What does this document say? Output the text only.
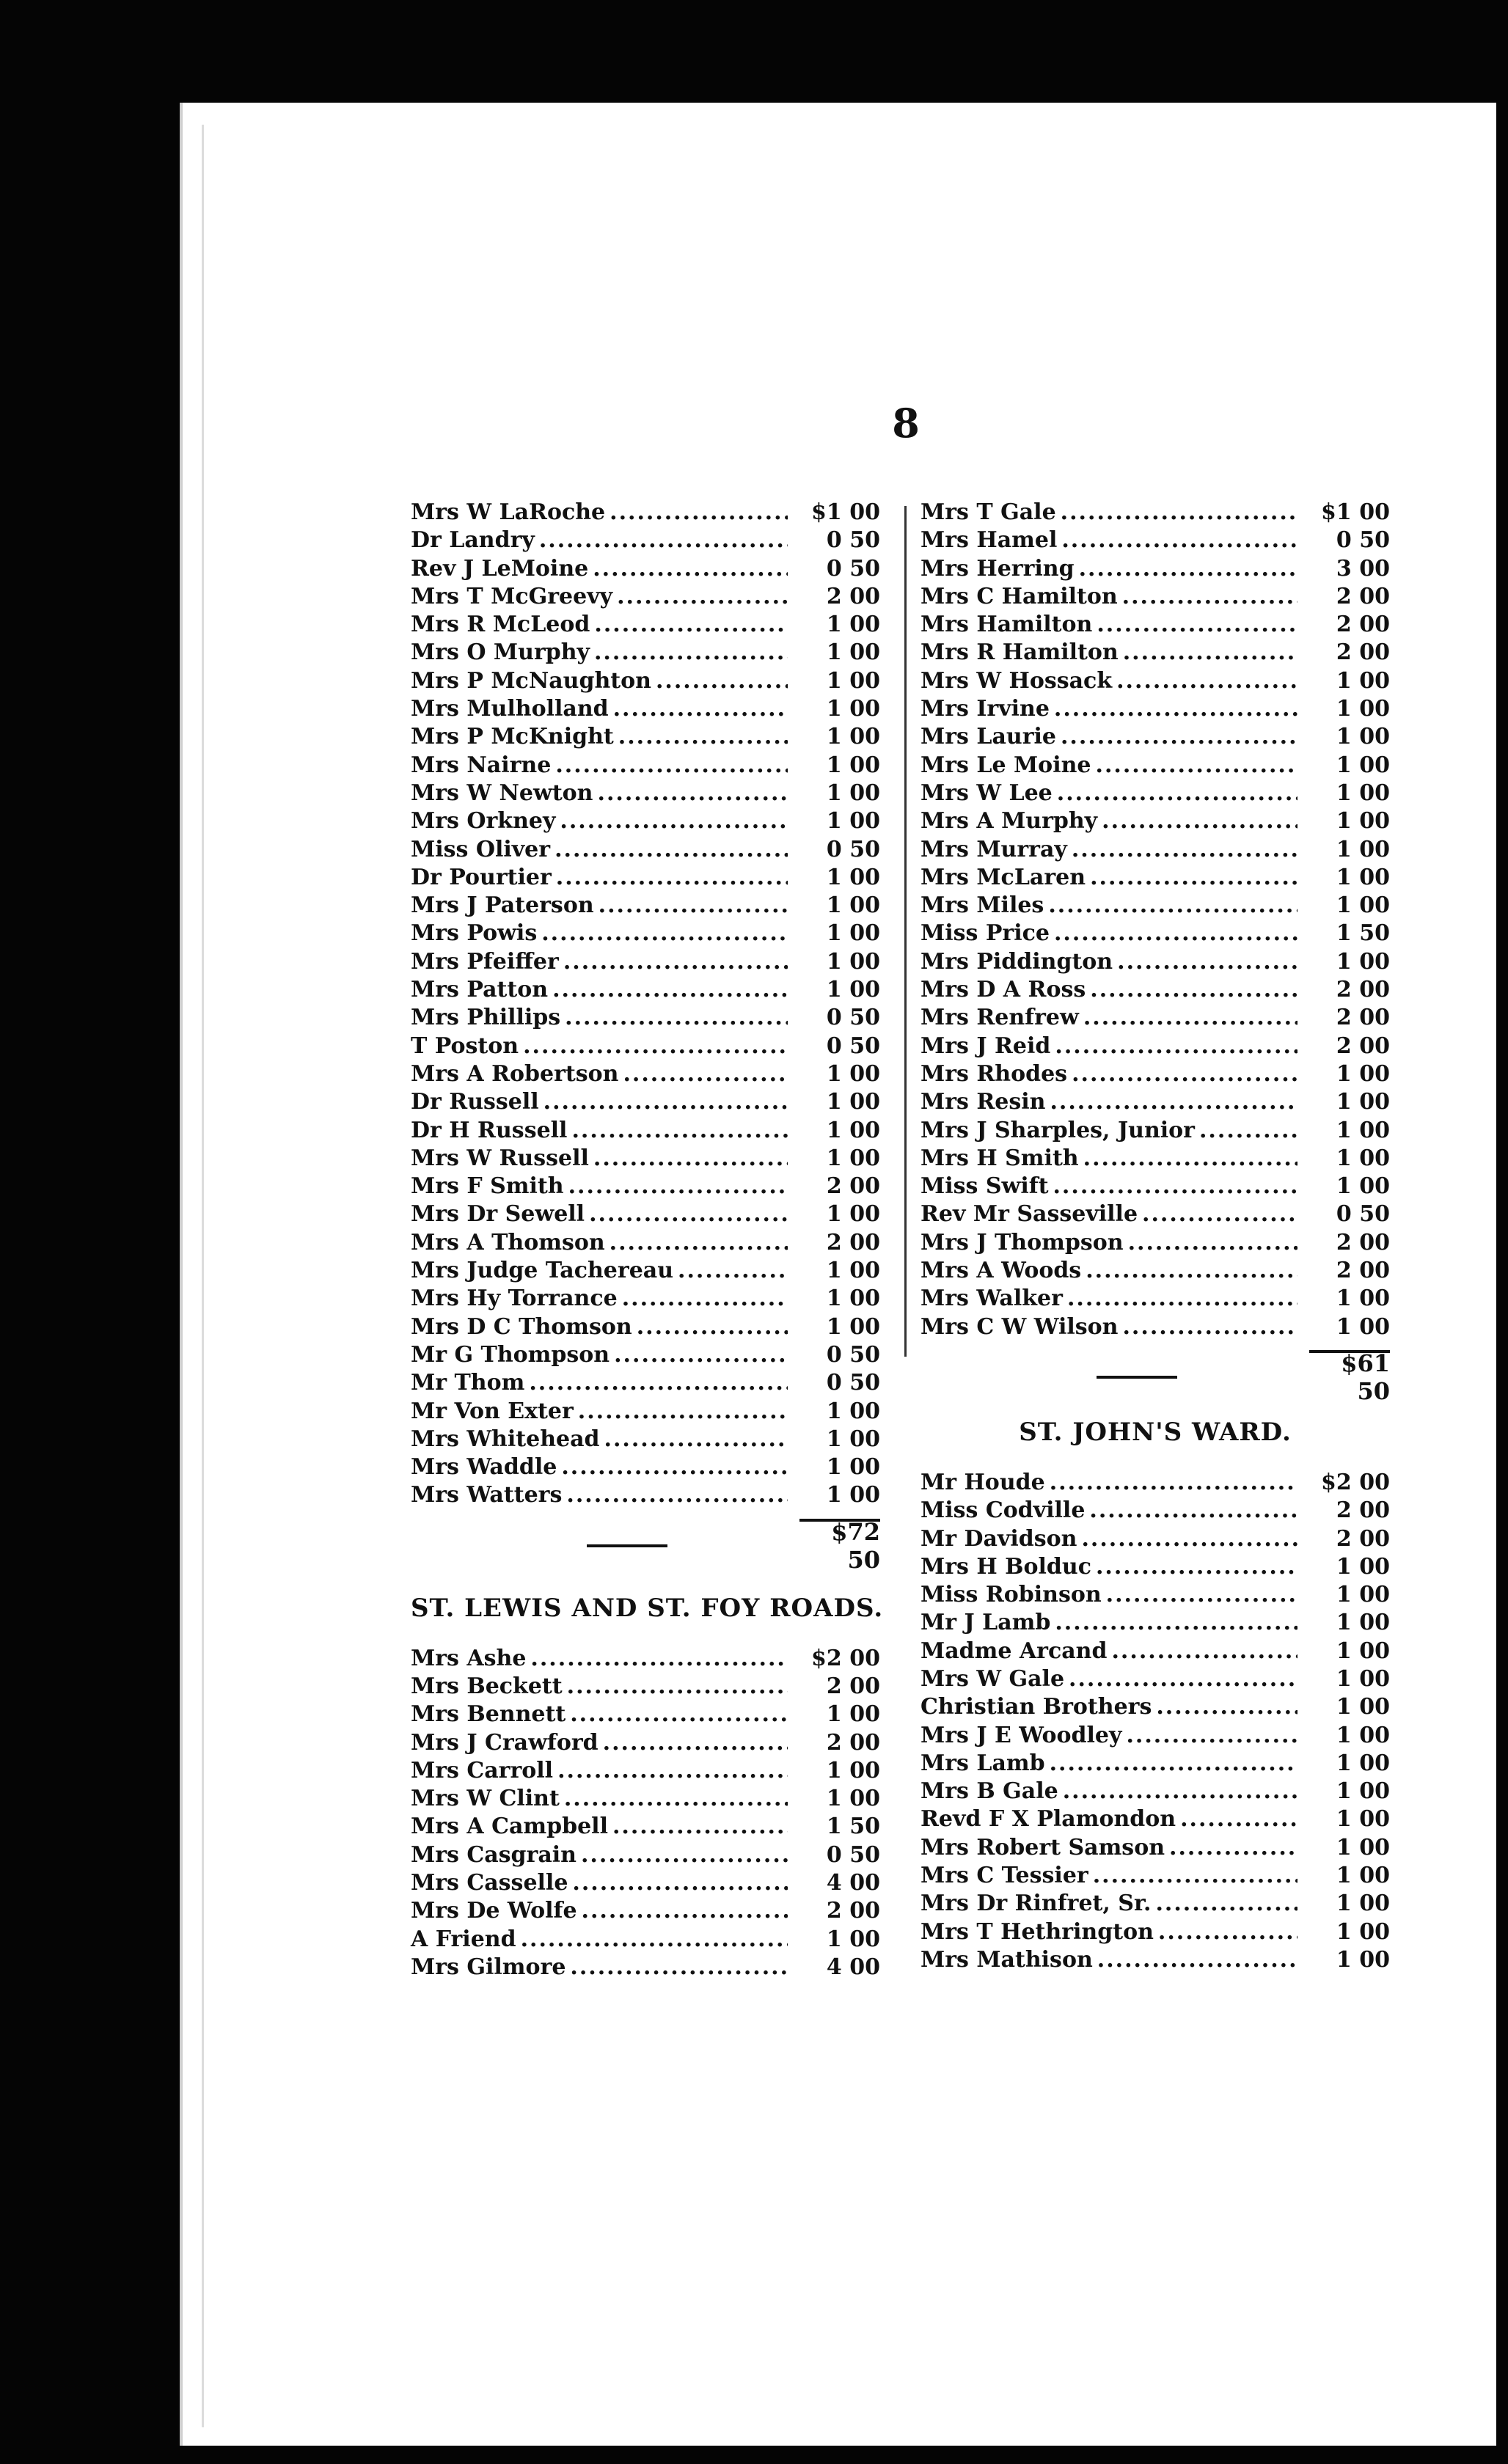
8
Mrs W LaRoche .....	$1 00
Dr Landry .....	0 50
Rev J LeMoine .....	0 50
Mrs T McGreevy .....	2 00
Mrs R McLeod .....	1 00
Mrs O Murphy .....	1 00
Mrs P McNaughton .....	1 00
Mrs Mulholland .....	1 00
Mrs P McKnight .....	1 00
Mrs Nairne .....	1 00
Mrs W Newton .....	1 00
Mrs Orkney .....	1 00
Miss Oliver .....	0 50
Dr Pourtier .....	1 00
Mrs J Paterson .....	1 00
Mrs Powis .....	1 00
Mrs Pfeiffer .....	1 00
Mrs Patton .....	1 00
Mrs Phillips .....	0 50
T Poston .....	0 50
Mrs A Robertson .....	1 00
Dr Russell .....	1 00
Dr H Russell .....	1 00
Mrs W Russell .....	1 00
Mrs F Smith .....	2 00
Mrs Dr Sewell .....	1 00
Mrs A Thomson .....	2 00
Mrs Judge Tachereau .....	1 00
Mrs Hy Torrance .....	1 00
Mrs D C Thomson .....	1 00
Mr G Thompson .....	0 50
Mr Thom .....	0 50
Mr Von Exter .....	1 00
Mrs Whitehead .....	1 00
Mrs Waddle .....	1 00
Mrs Watters .....	1 00
$72 50
ST. LEWIS AND ST. FOY ROADS.
Mrs Ashe .....	$2 00
Mrs Beckett .....	2 00
Mrs Bennett .....	1 00
Mrs J Crawford .....	2 00
Mrs Carroll .....	1 00
Mrs W Clint .....	1 00
Mrs A Campbell .....	1 50
Mrs Casgrain .....	0 50
Mrs Casselle .....	4 00
Mrs De Wolfe .....	2 00
A Friend .....	1 00
Mrs Gilmore .....	4 00
Mrs T Gale .....	$1 00
Mrs Hamel .....	0 50
Mrs Herring .....	3 00
Mrs C Hamilton .....	2 00
Mrs Hamilton .....	2 00
Mrs R Hamilton .....	2 00
Mrs W Hossack .....	1 00
Mrs Irvine .....	1 00
Mrs Laurie .....	1 00
Mrs Le Moine .....	1 00
Mrs W Lee .....	1 00
Mrs A Murphy .....	1 00
Mrs Murray .....	1 00
Mrs McLaren .....	1 00
Mrs Miles .....	1 00
Miss Price .....	1 50
Mrs Piddington .....	1 00
Mrs D A Ross .....	2 00
Mrs Renfrew .....	2 00
Mrs J Reid .....	2 00
Mrs Rhodes .....	1 00
Mrs Resin .....	1 00
Mrs J Sharples, Junior .....	1 00
Mrs H Smith .....	1 00
Miss Swift .....	1 00
Rev Mr Sasseville .....	0 50
Mrs J Thompson .....	2 00
Mrs A Woods .....	2 00
Mrs Walker .....	1 00
Mrs C W Wilson .....	1 00
$61 50
ST. JOHN'S WARD.
Mr Houde .....	$2 00
Miss Codville .....	2 00
Mr Davidson .....	2 00
Mrs H Bolduc .....	1 00
Miss Robinson .....	1 00
Mr J Lamb .....	1 00
Madme Arcand .....	1 00
Mrs W Gale .....	1 00
Christian Brothers .....	1 00
Mrs J E Woodley .....	1 00
Mrs Lamb .....	1 00
Mrs B Gale .....	1 00
Revd F X Plamondon .....	1 00
Mrs Robert Samson .....	1 00
Mrs C Tessier .....	1 00
Mrs Dr Rinfret, Sr. .....	1 00
Mrs T Hethrington .....	1 00
Mrs Mathison .....	1 00
